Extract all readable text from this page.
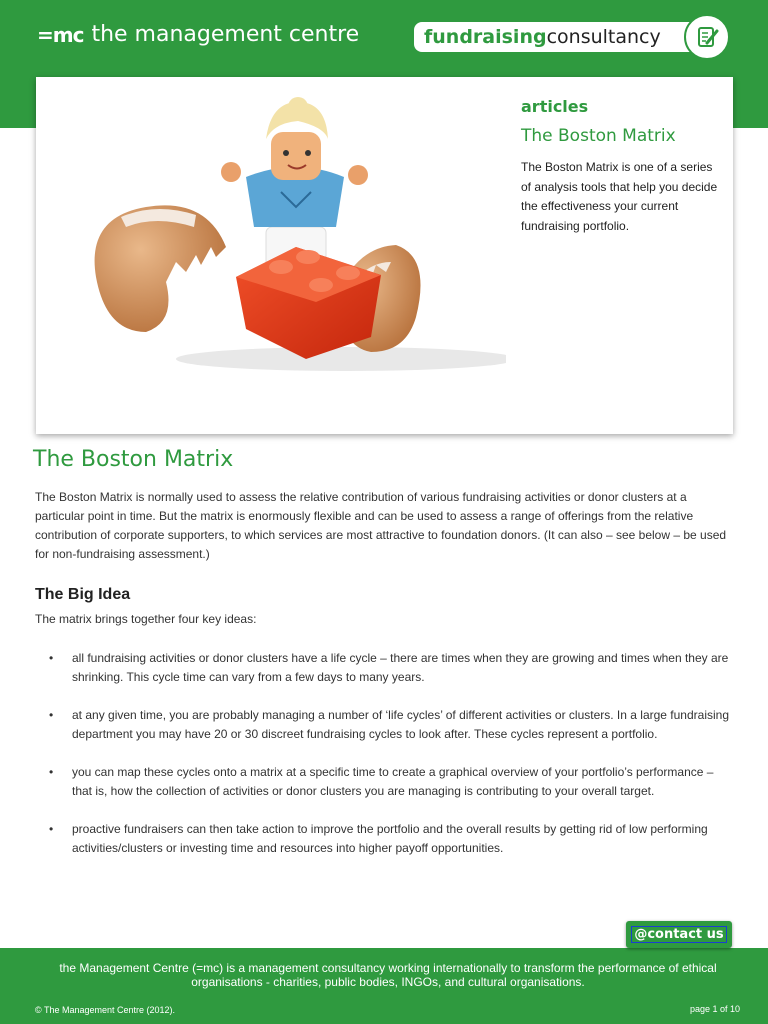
=mc the management centre	fundraisingconsultancy

articles

The Boston Matrix

The Boston Matrix is one of a series of analysis tools that help you decide the effectiveness your current fundraising portfolio.

The Boston Matrix

The Boston Matrix is normally used to assess the relative contribution of various fundraising activities or donor clusters at a particular point in time. But the matrix is enormously flexible and can be used to assess a range of offerings from the relative contribution of corporate supporters, to which services are most attractive to foundation donors. (It can also – see below – be used for non-fundraising assessment.)

The Big Idea

The matrix brings together four key ideas:

• all fundraising activities or donor clusters have a life cycle – there are times when they are growing and times when they are shrinking. This cycle time can vary from a few days to many years.
• at any given time, you are probably managing a number of ‘life cycles’ of different activities or clusters. In a large fundraising department you may have 20 or 30 discreet fundraising cycles to look after. These cycles represent a portfolio.
• you can map these cycles onto a matrix at a specific time to create a graphical overview of your portfolio’s performance – that is, how the collection of activities or donor clusters you are managing is contributing to your overall target.
• proactive fundraisers can then take action to improve the portfolio and the overall results by getting rid of low performing activities/clusters or investing time and resources into higher payoff opportunities.

the Management Centre (=mc) is a management consultancy working internationally to transform the performance of ethical organisations - charities, public bodies, INGOs, and cultural organisations.

© The Management Centre (2012).	page 1 of 10

@contact us
